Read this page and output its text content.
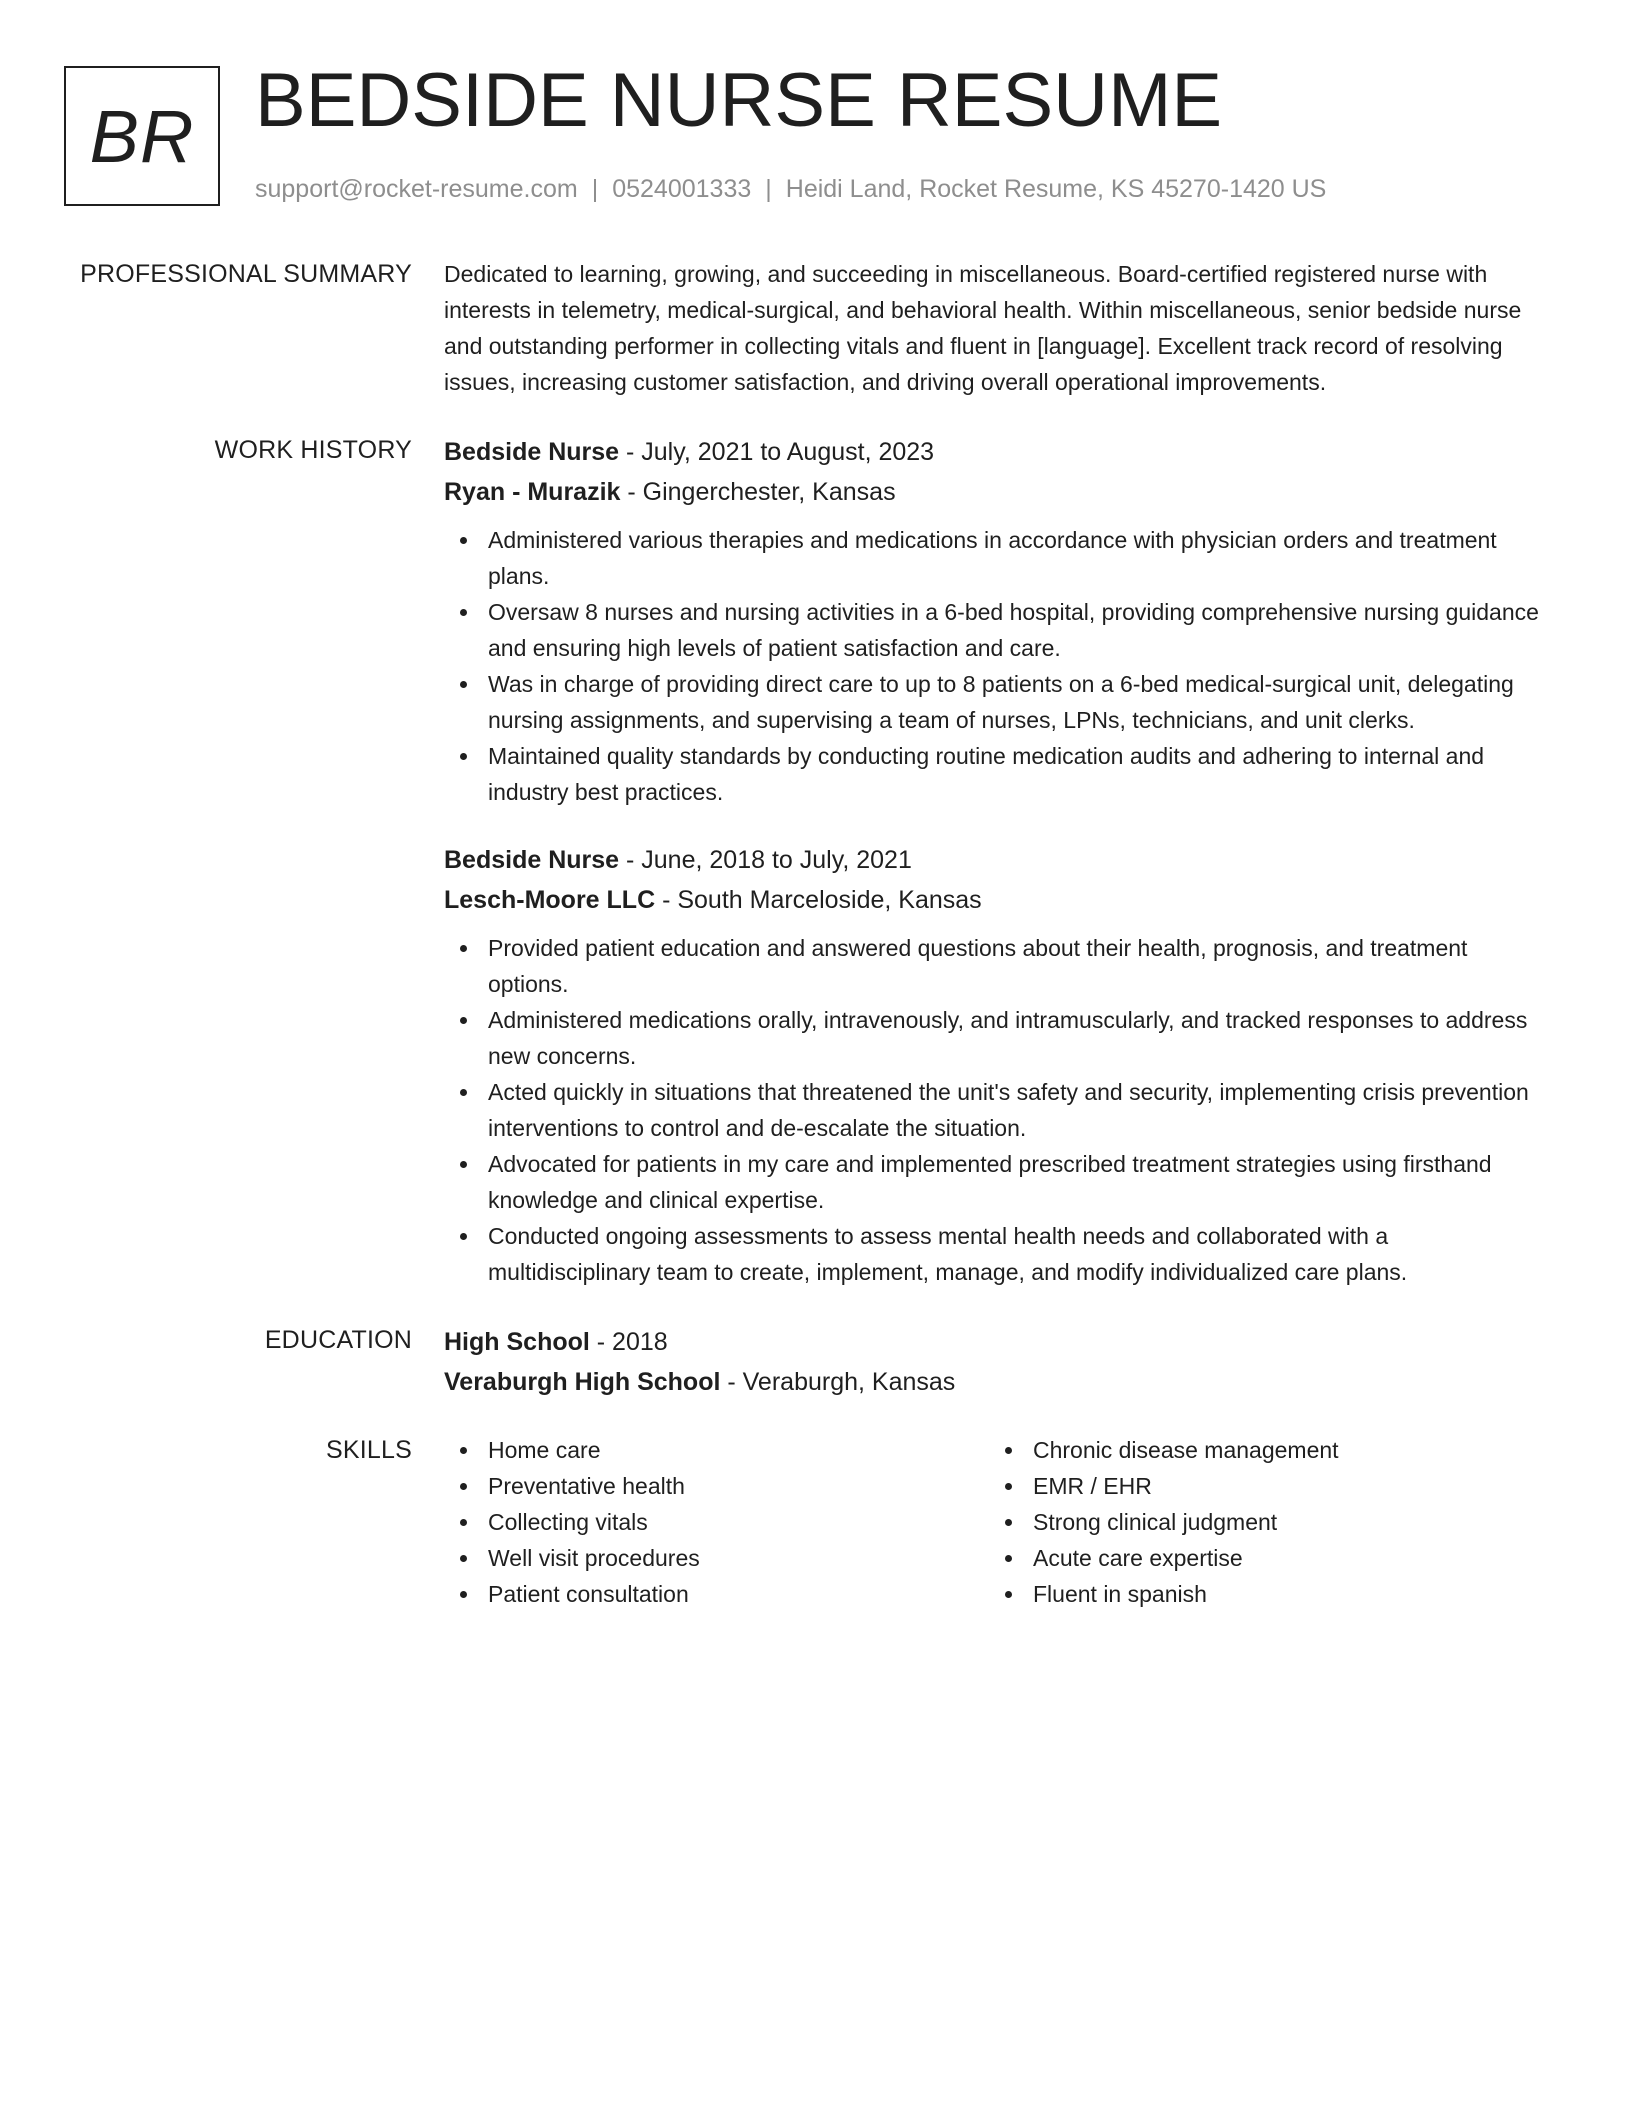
BR BEDSIDE NURSE RESUME
support@rocket-resume.com | 0524001333 | Heidi Land, Rocket Resume, KS 45270-1420 US
PROFESSIONAL SUMMARY	Dedicated to learning, growing, and succeeding in miscellaneous. Board-certified registered nurse with interests in telemetry, medical-surgical, and behavioral health. Within miscellaneous, senior bedside nurse and outstanding performer in collecting vitals and fluent in [language]. Excellent track record of resolving issues, increasing customer satisfaction, and driving overall operational improvements.

WORK HISTORY	Bedside Nurse - July, 2021 to August, 2023
Ryan - Murazik - Gingerchester, Kansas
Administered various therapies and medications in accordance with physician orders and treatment plans.
Oversaw 8 nurses and nursing activities in a 6-bed hospital, providing comprehensive nursing guidance and ensuring high levels of patient satisfaction and care.
Was in charge of providing direct care to up to 8 patients on a 6-bed medical-surgical unit, delegating nursing assignments, and supervising a team of nurses, LPNs, technicians, and unit clerks.
Maintained quality standards by conducting routine medication audits and adhering to internal and industry best practices.
Bedside Nurse - June, 2018 to July, 2021
Lesch-Moore LLC - South Marceloside, Kansas
Provided patient education and answered questions about their health, prognosis, and treatment options.
Administered medications orally, intravenously, and intramuscularly, and tracked responses to address new concerns.
Acted quickly in situations that threatened the unit's safety and security, implementing crisis prevention interventions to control and de-escalate the situation.
Advocated for patients in my care and implemented prescribed treatment strategies using firsthand knowledge and clinical expertise.
Conducted ongoing assessments to assess mental health needs and collaborated with a multidisciplinary team to create, implement, manage, and modify individualized care plans.
EDUCATION	High School - 2018
Veraburgh High School - Veraburgh, Kansas
SKILLS	Home care
Preventative health
Collecting vitals
Well visit procedures
Patient consultation
Chronic disease management
EMR / EHR
Strong clinical judgment
Acute care expertise
Fluent in spanish
